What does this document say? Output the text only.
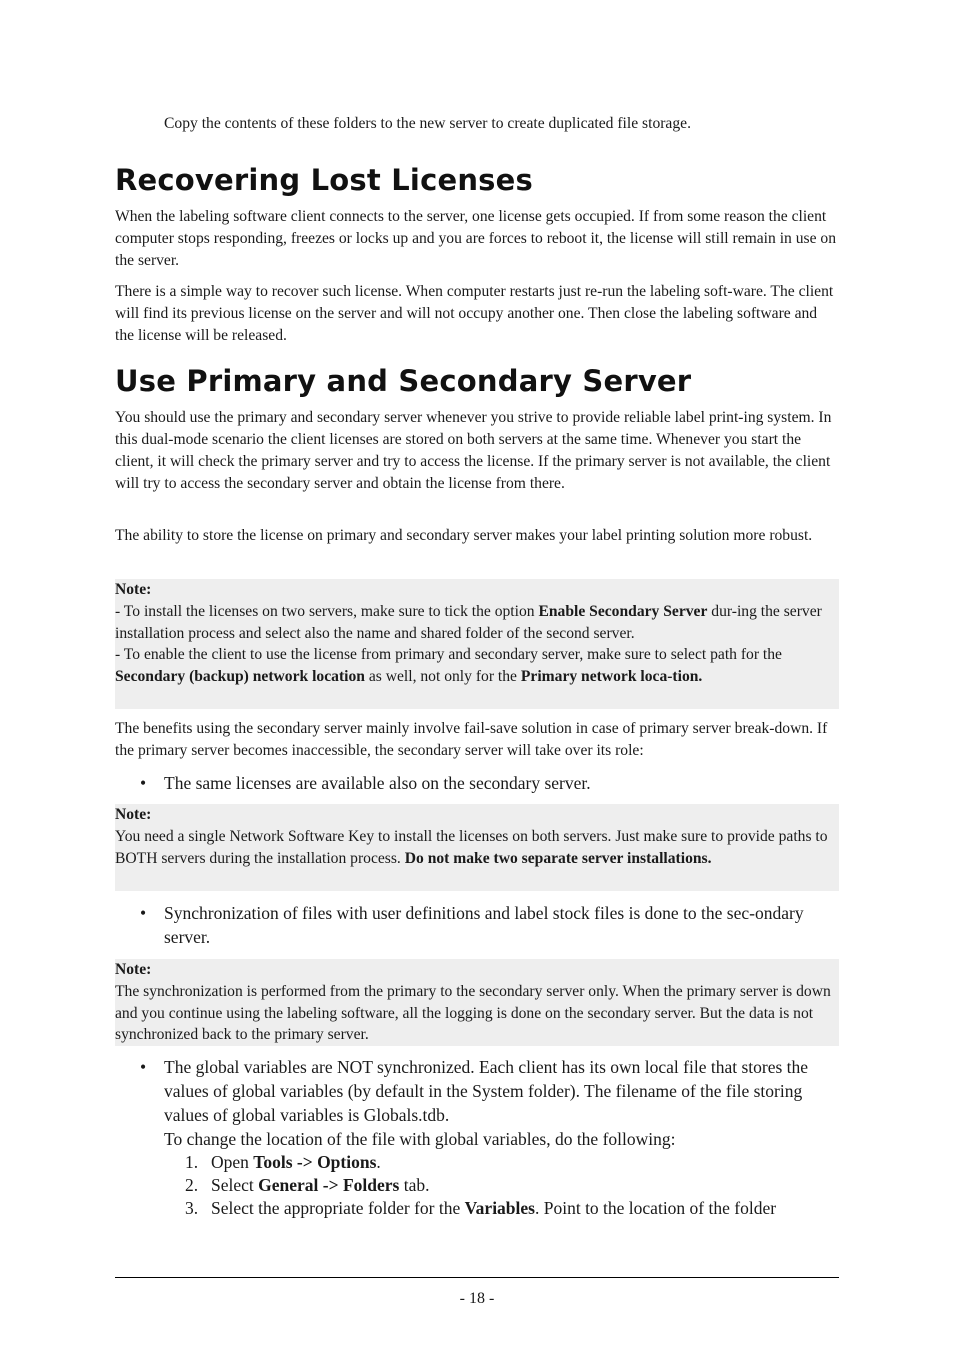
Copy the contents of these folders to the new server to create duplicated file storage.

Recovering Lost Licenses

When the labeling software client connects to the server, one license gets occupied. If from some reason the client computer stops responding, freezes or locks up and you are forces to reboot it, the license will still remain in use on the server.

There is a simple way to recover such license. When computer restarts just re-run the labeling soft-ware. The client will find its previous license on the server and will not occupy another one. Then close the labeling software and the license will be released.

Use Primary and Secondary Server

You should use the primary and secondary server whenever you strive to provide reliable label print-ing system. In this dual-mode scenario the client licenses are stored on both servers at the same time. Whenever you start the client, it will check the primary server and try to access the license. If the primary server is not available, the client will try to access the secondary server and obtain the license from there.

The ability to store the license on primary and secondary server makes your label printing solution more robust.

Note:

- To install the licenses on two servers, make sure to tick the option Enable Secondary Server dur-ing the server installation process and select also the name and shared folder of the second server.

- To enable the client to use the license from primary and secondary server, make sure to select path for the Secondary (backup) network location as well, not only for the Primary network loca-tion.

The benefits using the secondary server mainly involve fail-save solution in case of primary server break-down. If the primary server becomes inaccessible, the secondary server will take over its role:

• The same licenses are available also on the secondary server.

Note:

You need a single Network Software Key to install the licenses on both servers. Just make sure to provide paths to BOTH servers during the installation process. Do not make two separate server installations.

• Synchronization of files with user definitions and label stock files is done to the sec-ondary server.

Note:

The synchronization is performed from the primary to the secondary server only. When the primary server is down and you continue using the labeling software, all the logging is done on the secondary server. But the data is not synchronized back to the primary server.

• The global variables are NOT synchronized. Each client has its own local file that stores the values of global variables (by default in the System folder). The filename of the file storing values of global variables is Globals.tdb.
To change the location of the file with global variables, do the following:
1. Open Tools -> Options.
2. Select General -> Folders tab.
3. Select the appropriate folder for the Variables. Point to the location of the folder
- 18 -
